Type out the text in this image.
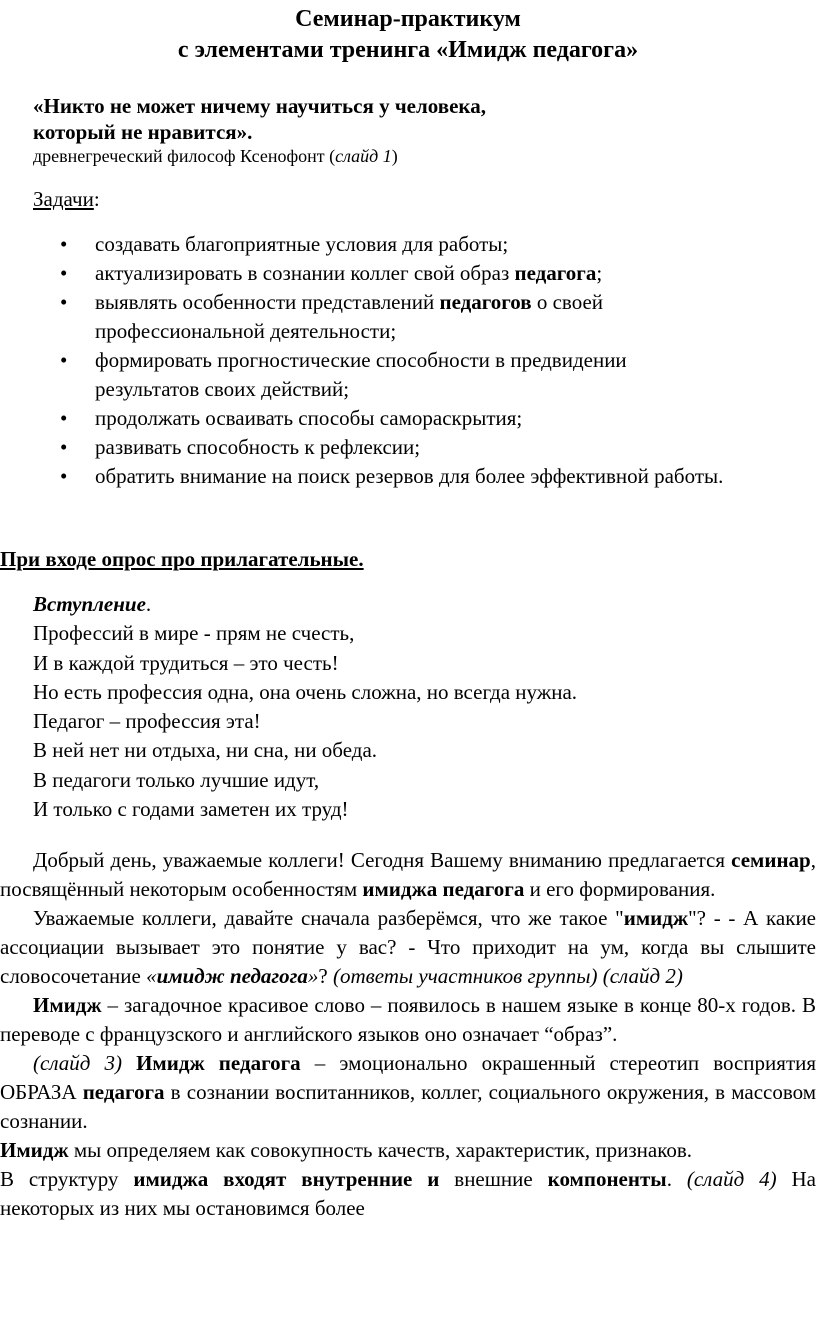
Семинар-практикум
с элементами тренинга «Имидж педагога»
«Никто не может ничему научиться у человека,
который не нравится».
древнегреческий философ Ксенофонт (слайд 1)
Задачи:
• создавать благоприятные условия для работы;
• актуализировать в сознании коллег свой образ педагога;
• выявлять особенности представлений педагогов о своей профессиональной деятельности;
• формировать прогностические способности в предвидении результатов своих действий;
• продолжать осваивать способы самораскрытия;
• развивать способность к рефлексии;
• обратить внимание на поиск резервов для более эффективной работы.
При входе опрос про прилагательные.
Вступление.
Профессий в мире - прям не счесть,
И в каждой трудиться – это честь!
Но есть профессия одна, она очень сложна, но всегда нужна.
Педагог – профессия эта!
В ней нет ни отдыха, ни сна, ни обеда.
В педагоги только лучшие идут,
И только с годами заметен их труд!

Добрый день, уважаемые коллеги! Сегодня Вашему вниманию предлагается семинар, посвящённый некоторым особенностям имиджа педагога и его формирования.

Уважаемые коллеги, давайте сначала разберёмся, что же такое "имидж"? - - А какие ассоциации вызывает это понятие у вас? - Что приходит на ум, когда вы слышите словосочетание «имидж педагога»? (ответы участников группы) (слайд 2)

Имидж – загадочное красивое слово – появилось в нашем языке в конце 80-х годов. В переводе с французского и английского языков оно означает “образ”.

(слайд 3) Имидж педагога – эмоционально окрашенный стереотип восприятия ОБРАЗА педагога в сознании воспитанников, коллег, социального окружения, в массовом сознании.

Имидж мы определяем как совокупность качеств, характеристик, признаков.

В структуру имиджа входят внутренние и внешние компоненты. (слайд 4) На некоторых из них мы остановимся более
